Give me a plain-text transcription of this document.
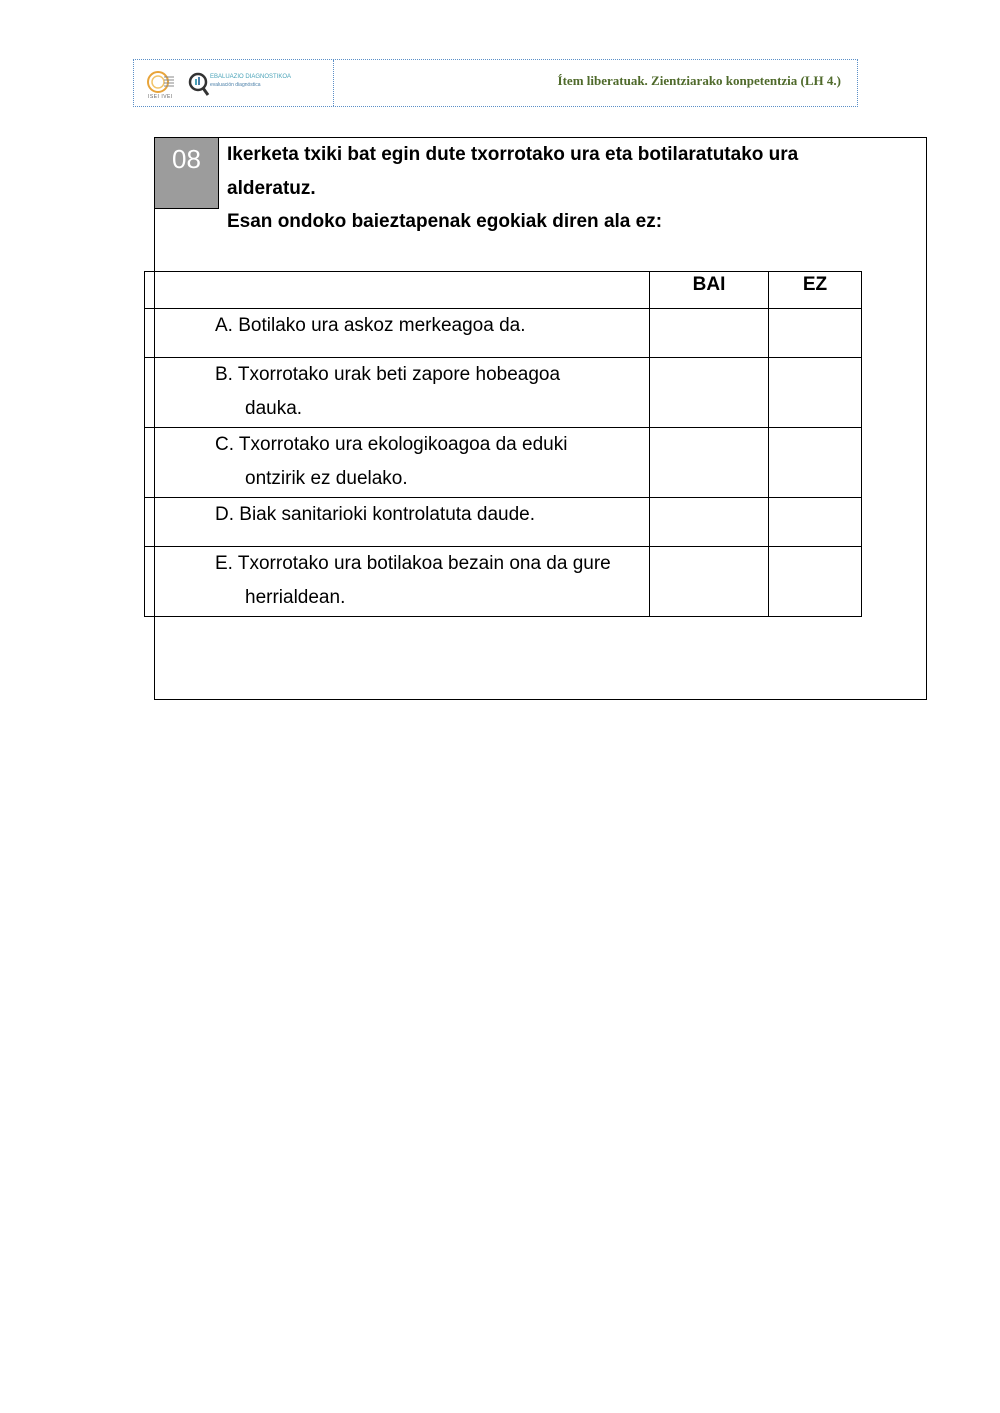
ISEI IVEI
EBALUAZIO DIAGNOSTIKOA
evaluación diagnóstica	Ítem liberatuak. Zientziarako konpetentzia (LH 4.)
08	Ikerketa txiki bat egin dute txorrotako ura eta botilaratutako ura alderatuz.
Esan ondoko baieztapenak egokiak diren ala ez:
	BAI	EZ

A. Botilako ura askoz merkeagoa da.		

B. Txorrotako urak beti zapore hobeagoa
dauka.		

C. Txorrotako ura ekologikoagoa da eduki
ontzirik ez duelako.		

D. Biak sanitarioki kontrolatuta daude.		

E. Txorrotako ura botilakoa bezain ona da gure
herrialdean.		
